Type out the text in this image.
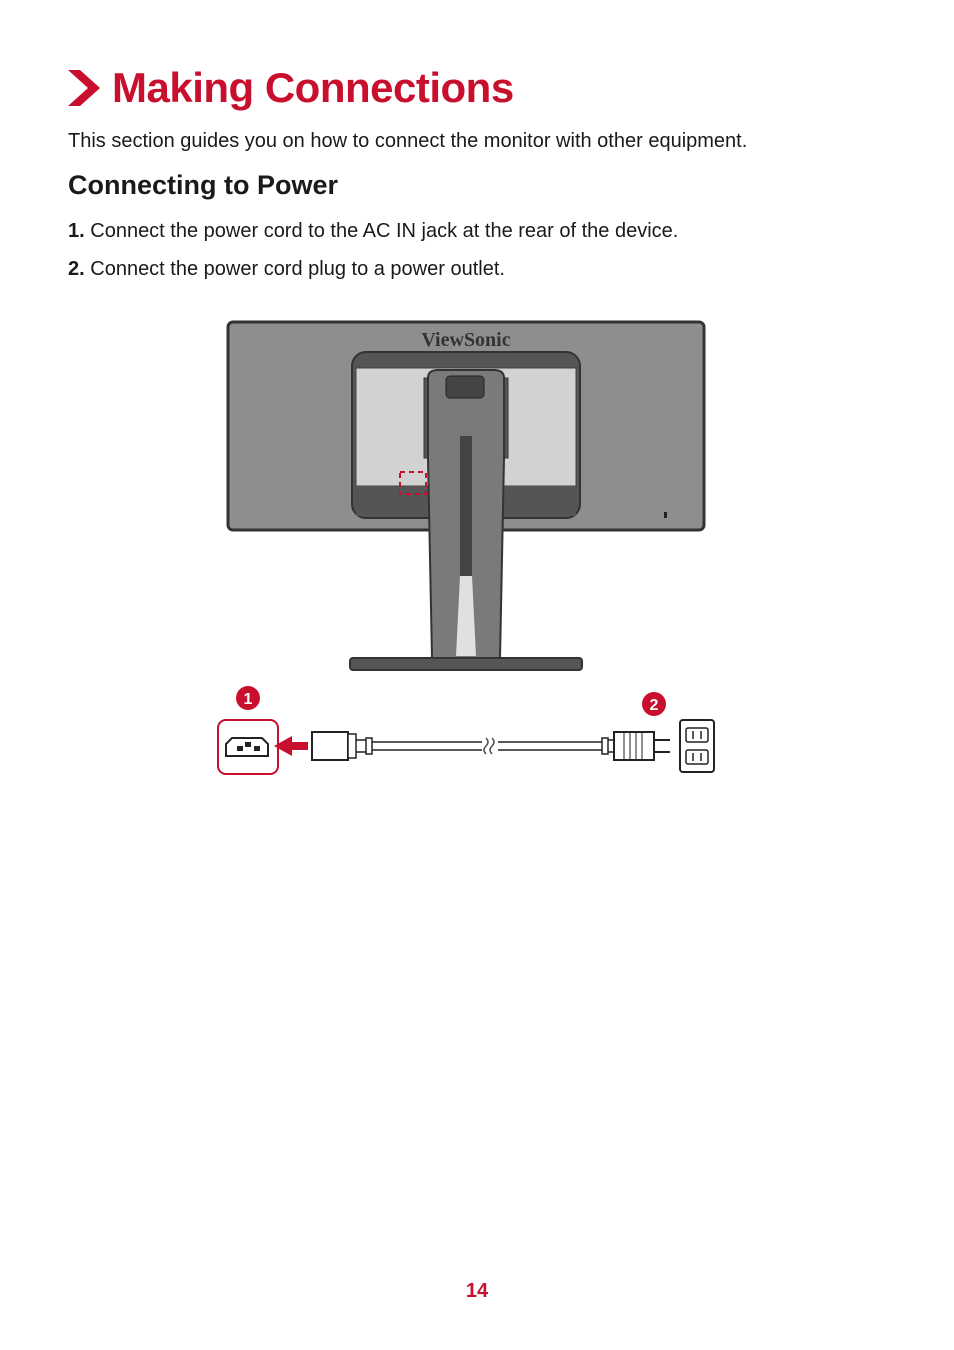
Making Connections
This section guides you on how to connect the monitor with other equipment.
Connecting to Power
1. Connect the power cord to the AC IN jack at the rear of the device.
2. Connect the power cord plug to a power outlet.
ViewSonic
1	2
14
